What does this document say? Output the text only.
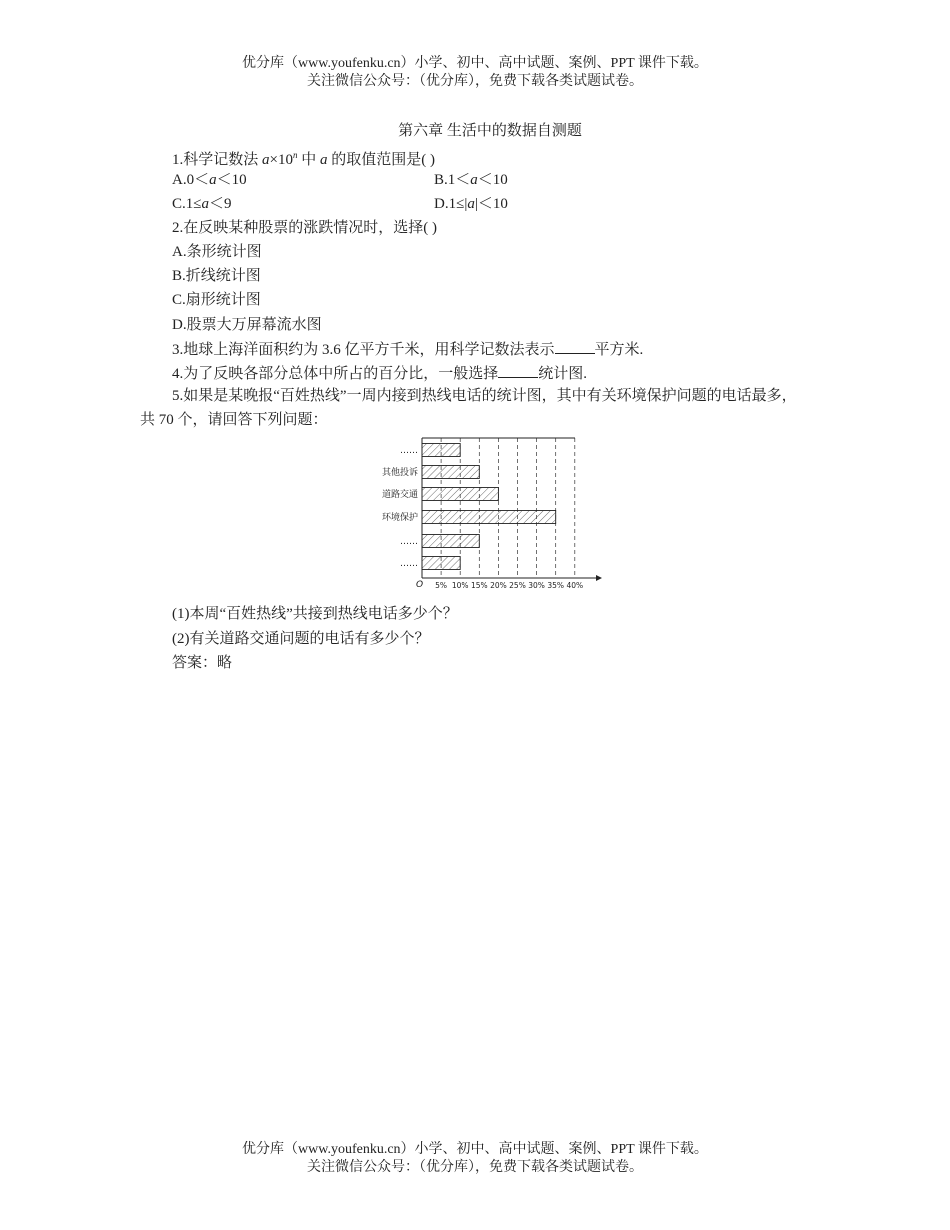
优分库（www.youfenku.cn）小学、初中、高中试题、案例、PPT 课件下载。
关注微信公众号：（优分库），免费下载各类试题试卷。
第六章 生活中的数据自测题
1.科学记数法 $a\times 10^n$ 中 a 的取值范围是( )
A.0＜a＜10	B.1＜a＜10
C.1≤a＜9	D.1≤|a|＜10
2.在反映某种股票的涨跌情况时，选择( )
A.条形统计图
B.折线统计图
C.扇形统计图
D.股票大万屏幕流水图
3.地球上海洋面积约为 3.6 亿平方千米，用科学记数法表示	平方米.
4.为了反映各部分总体中所占的百分比，一般选择	统计图.
5.如果是某晚报“百姓热线”一周内接到热线电话的统计图，其中有关环境保护问题的电话最多，共 70 个，请回答下列问题：
……
其他投诉
道路交通
环境保护
……
……
5% 10% 15% 20% 25% 30% 35% 40%
O
(1)本周“百姓热线”共接到热线电话多少个？
(2)有关道路交通问题的电话有多少个？
答案：略
优分库（www.youfenku.cn）小学、初中、高中试题、案例、PPT 课件下载。
关注微信公众号：（优分库），免费下载各类试题试卷。
